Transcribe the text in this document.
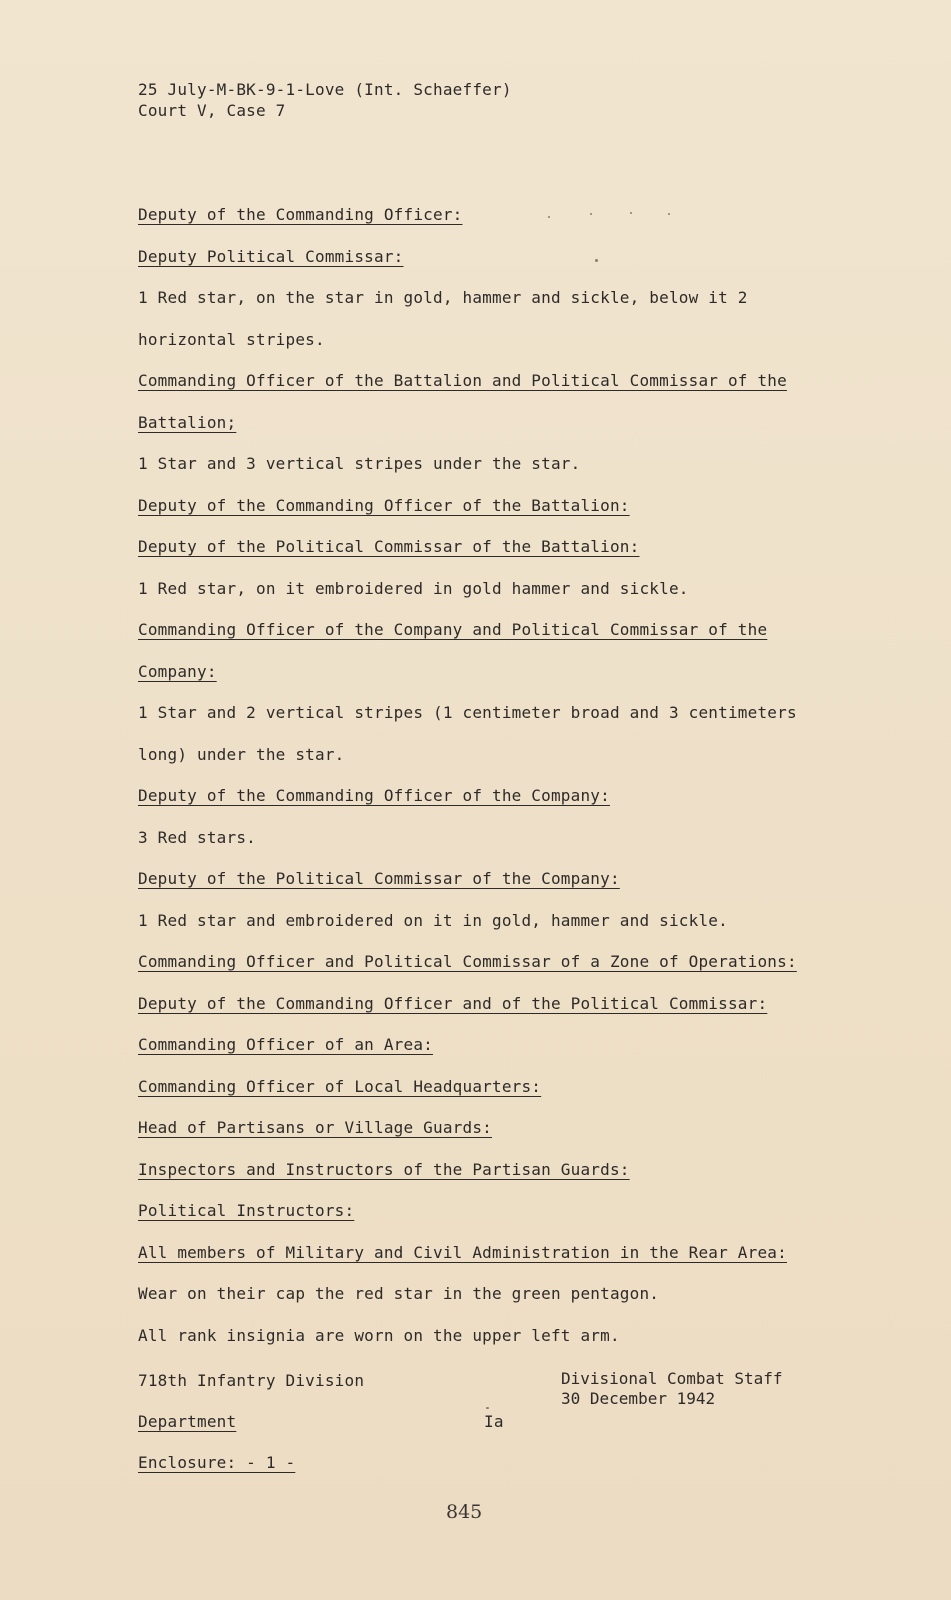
25 July-M-BK-9-1-Love (Int. Schaeffer)
Court V, Case 7
Deputy of the Commanding Officer:
Deputy Political Commissar:
1 Red star, on the star in gold, hammer and sickle, below it 2
horizontal stripes.
Commanding Officer of the Battalion and Political Commissar of the
Battalion;
1 Star and 3 vertical stripes under the star.
Deputy of the Commanding Officer of the Battalion:
Deputy of the Political Commissar of the Battalion:
1 Red star, on it embroidered in gold hammer and sickle.
Commanding Officer of the Company and Political Commissar of the
Company:
1 Star and 2 vertical stripes (1 centimeter broad and 3 centimeters
long) under the star.
Deputy of the Commanding Officer of the Company:
3 Red stars.
Deputy of the Political Commissar of the Company:
1 Red star and embroidered on it in gold, hammer and sickle.
Commanding Officer and Political Commissar of a Zone of Operations:
Deputy of the Commanding Officer and of the Political Commissar:
Commanding Officer of an Area:
Commanding Officer of Local Headquarters:
Head of Partisans or Village Guards:
Inspectors and Instructors of the Partisan Guards:
Political Instructors:
All members of Military and Civil Administration in the Rear Area:
Wear on their cap the red star in the green pentagon.
All rank insignia are worn on the upper left arm.
718th Infantry Division
Department	Ia
Enclosure: - 1 -
Divisional Combat Staff
30 December 1942
845
